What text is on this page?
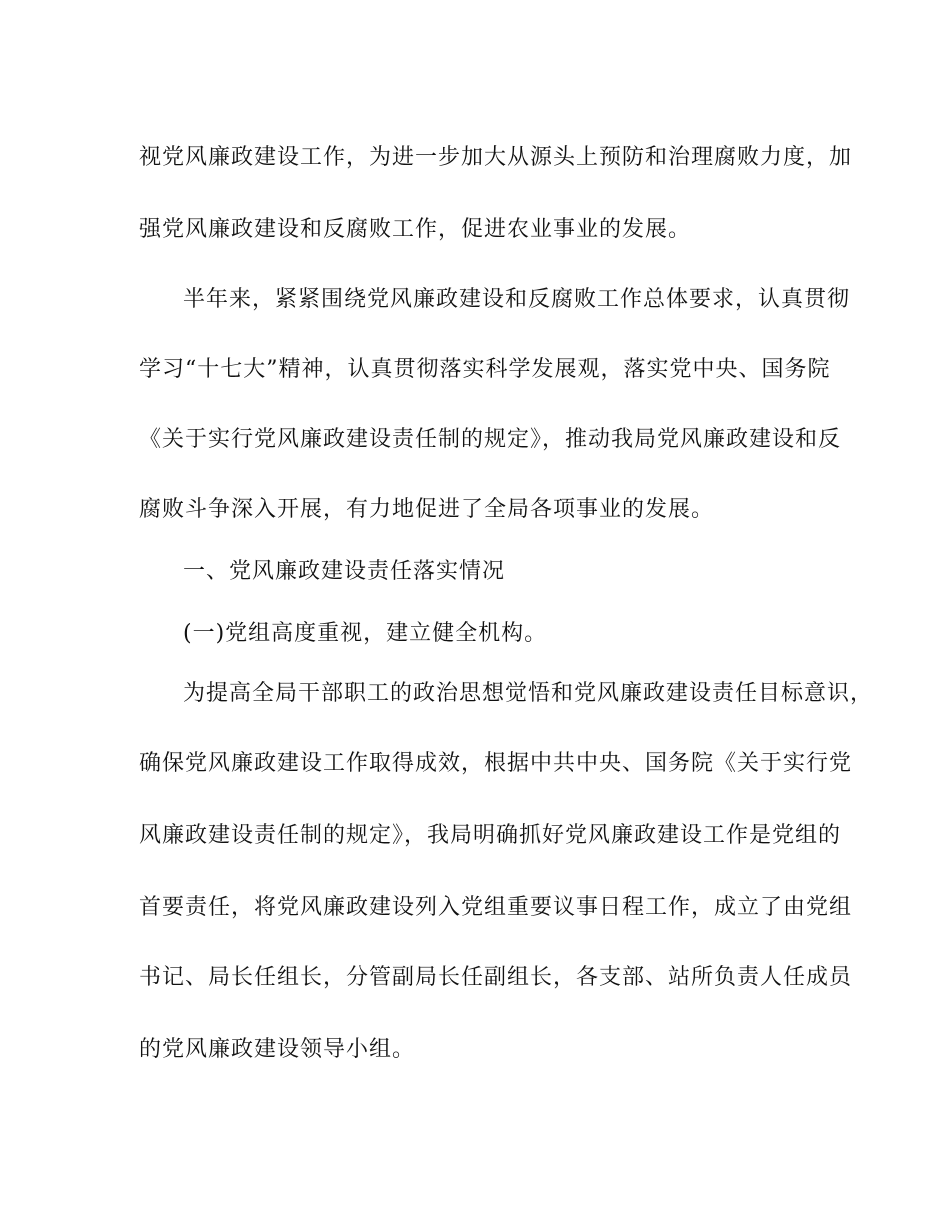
视党风廉政建设工作，为进一步加大从源头上预防和治理腐败力度，加
强党风廉政建设和反腐败工作，促进农业事业的发展。
半年来，紧紧围绕党风廉政建设和反腐败工作总体要求，认真贯彻
学习“十七大”精神，认真贯彻落实科学发展观，落实党中央、国务院
《关于实行党风廉政建设责任制的规定》，推动我局党风廉政建设和反
腐败斗争深入开展，有力地促进了全局各项事业的发展。
一、党风廉政建设责任落实情况
(一)党组高度重视，建立健全机构。
为提高全局干部职工的政治思想觉悟和党风廉政建设责任目标意识，
确保党风廉政建设工作取得成效，根据中共中央、国务院《关于实行党
风廉政建设责任制的规定》，我局明确抓好党风廉政建设工作是党组的
首要责任，将党风廉政建设列入党组重要议事日程工作，成立了由党组
书记、局长任组长，分管副局长任副组长，各支部、站所负责人任成员
的党风廉政建设领导小组。
